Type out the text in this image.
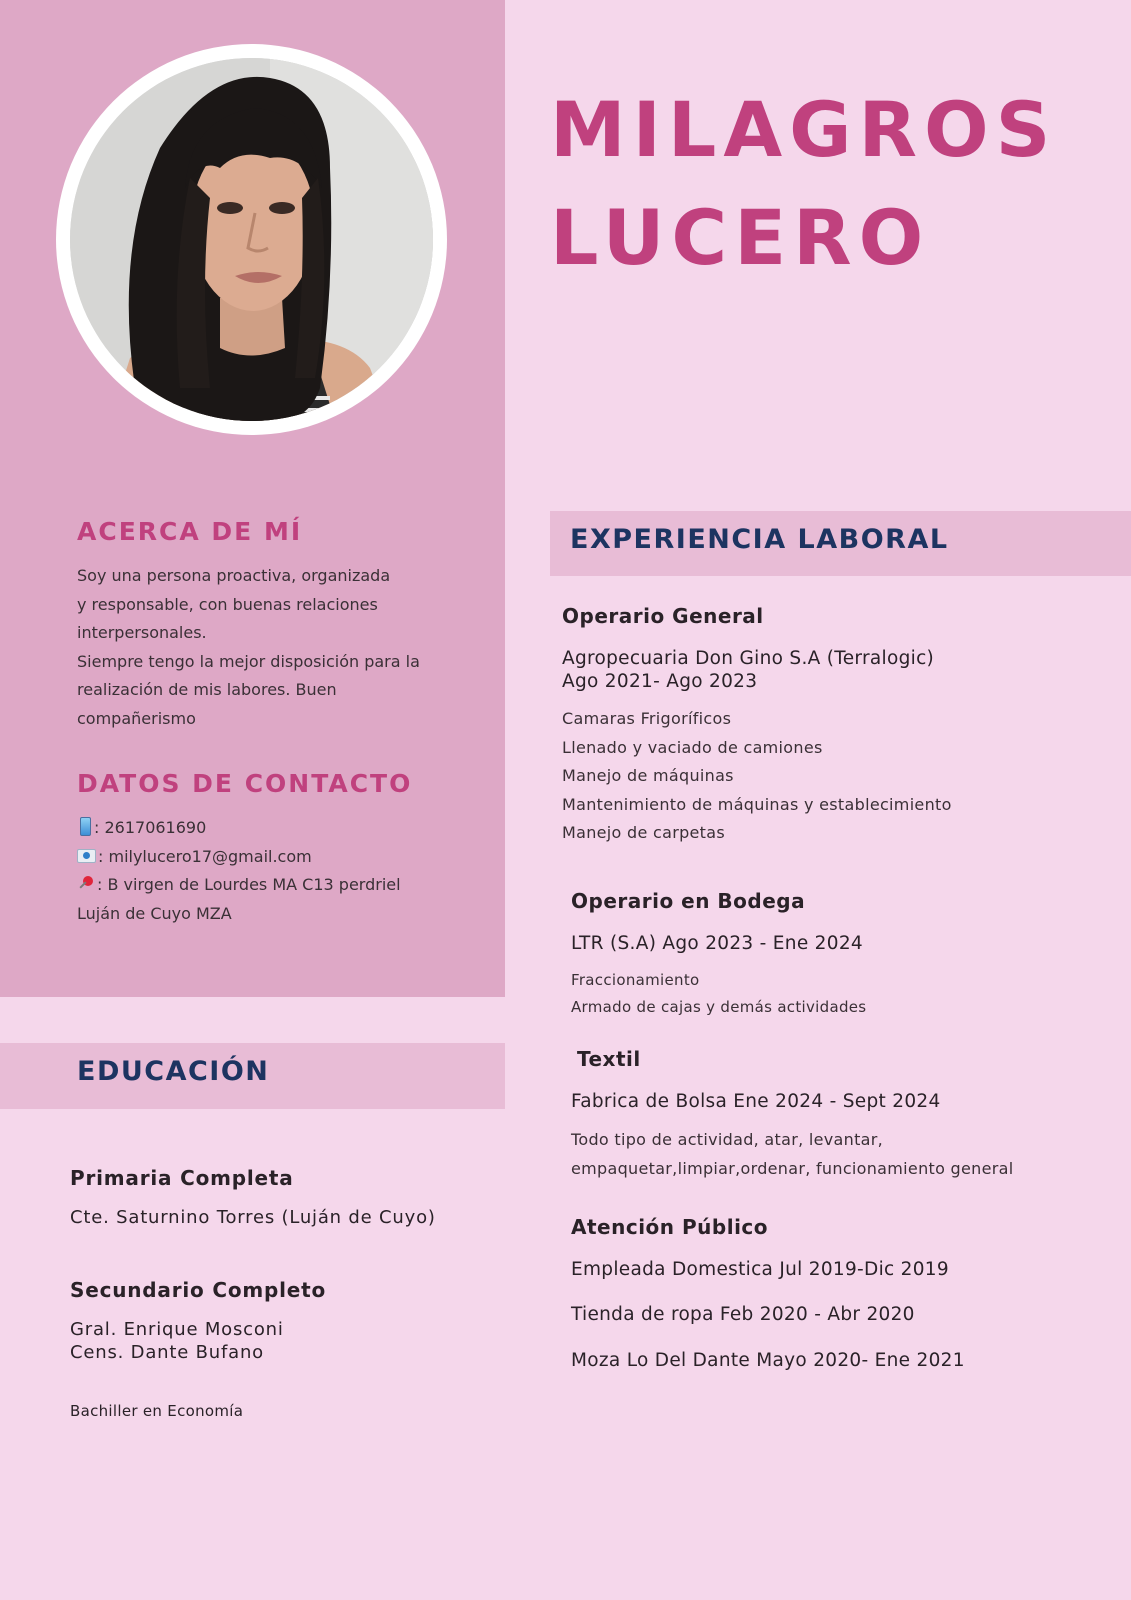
MILAGROS
LUCERO
ACERCA DE MÍ

Soy una persona proactiva, organizada

y responsable, con buenas relaciones

interpersonales.

Siempre tengo la mejor disposición para la

realización de mis labores. Buen

compañerismo

DATOS DE CONTACTO
: 2617061690
: milylucero17@gmail.com
: B virgen de Lourdes MA C13 perdriel
Luján de Cuyo MZA
EDUCACIÓN
Primaria Completa
Cte. Saturnino Torres (Luján de Cuyo)
Secundario Completo
Gral. Enrique Mosconi
Cens. Dante Bufano
Bachiller en Economía
EXPERIENCIA LABORAL
Operario General
Agropecuaria Don Gino S.A (Terralogic)
Ago 2021- Ago 2023
Camaras Frigoríficos
Llenado y vaciado de camiones
Manejo de máquinas
Mantenimiento de máquinas y establecimiento
Manejo de carpetas
Operario en Bodega
LTR (S.A) Ago 2023 - Ene 2024
Fraccionamiento
Armado de cajas y demás actividades
Textil
Fabrica de Bolsa Ene 2024 - Sept 2024
Todo tipo de actividad, atar, levantar,
empaquetar,limpiar,ordenar, funcionamiento general
Atención Público
Empleada Domestica Jul 2019-Dic 2019
Tienda de ropa Feb 2020 - Abr 2020
Moza Lo Del Dante Mayo 2020- Ene 2021
